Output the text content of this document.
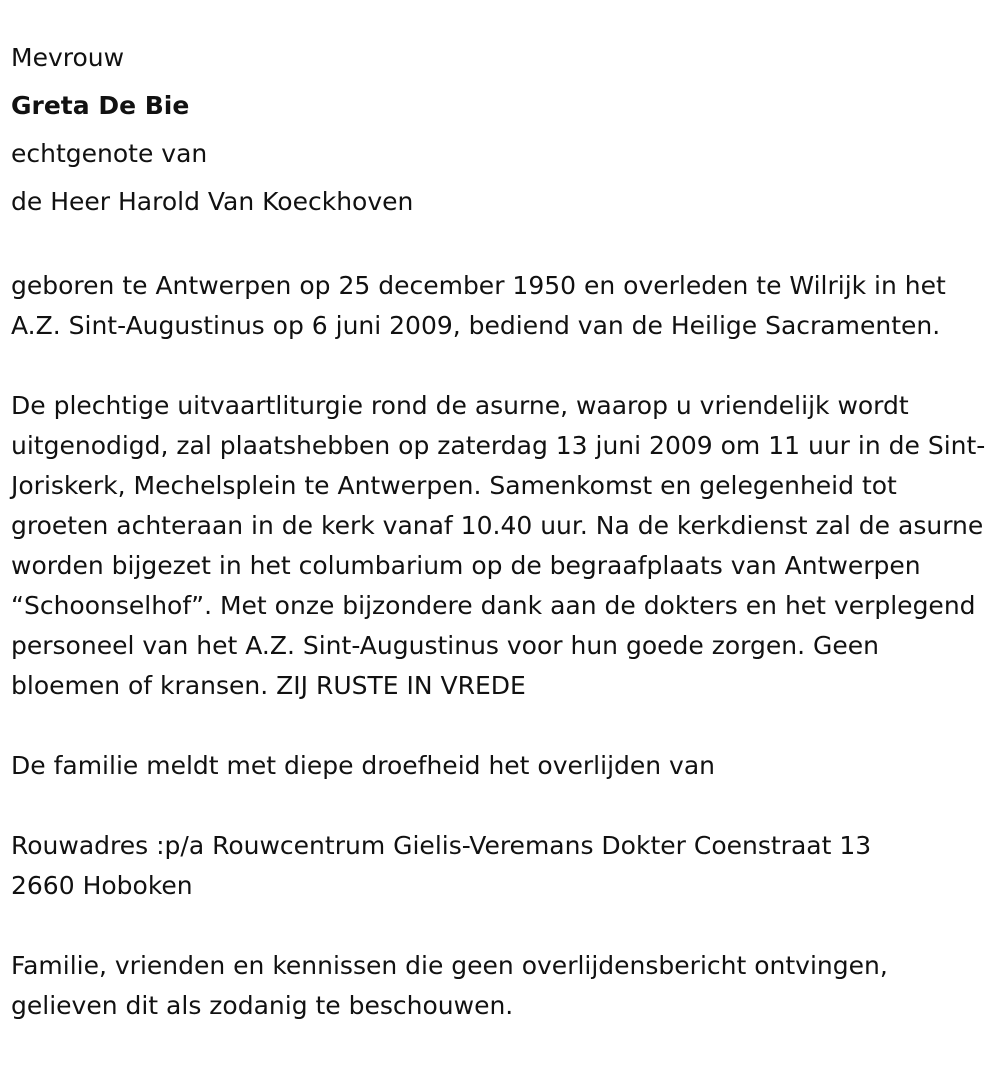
Mevrouw
Greta De Bie
echtgenote van
de Heer Harold Van Koeckhoven

geboren te Antwerpen op 25 december 1950 en overleden te Wilrijk in het A.Z. Sint-Augustinus op 6 juni 2009, bediend van de Heilige Sacramenten.

De plechtige uitvaartliturgie rond de asurne, waarop u vriendelijk wordt uitgenodigd, zal plaatshebben op zaterdag 13 juni 2009 om 11 uur in de Sint-Joriskerk, Mechelsplein te Antwerpen. Samenkomst en gelegenheid tot groeten achteraan in de kerk vanaf 10.40 uur. Na de kerkdienst zal de asurne worden bijgezet in het columbarium op de begraafplaats van Antwerpen “Schoonselhof”. Met onze bijzondere dank aan de dokters en het verplegend personeel van het A.Z. Sint-Augustinus voor hun goede zorgen. Geen bloemen of kransen. ZIJ RUSTE IN VREDE

De familie meldt met diepe droefheid het overlijden van

Rouwadres :p/a Rouwcentrum Gielis-Veremans Dokter Coenstraat 13

2660 Hoboken

Familie, vrienden en kennissen die geen overlijdensbericht ontvingen, gelieven dit als zodanig te beschouwen.
